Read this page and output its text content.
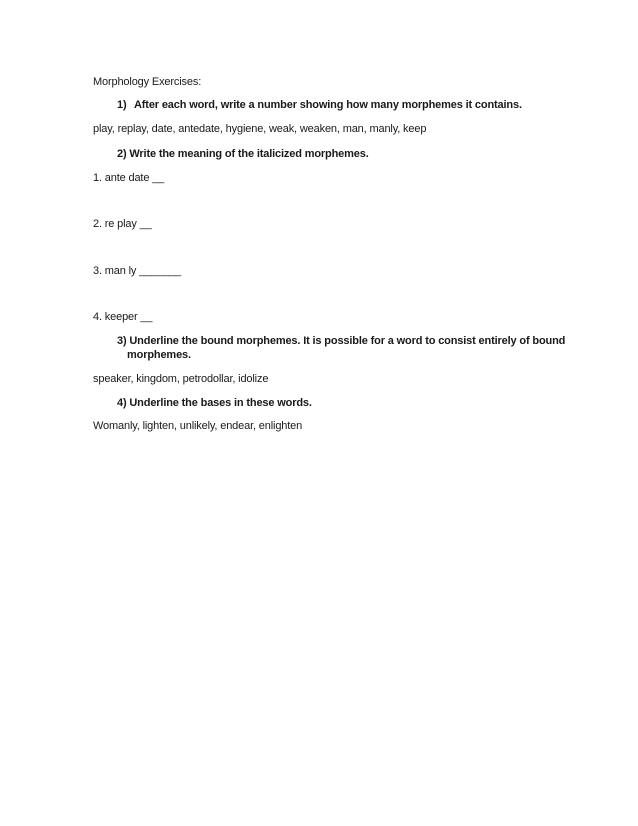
Morphology Exercises:
1) After each word, write a number showing how many morphemes it contains.
play, replay, date, antedate, hygiene, weak, weaken, man, manly, keep
2) Write the meaning of the italicized morphemes.
1. ante date __
2. re play __
3. man ly _______
4. keeper __
3) Underline the bound morphemes. It is possible for a word to consist entirely of bound morphemes.
speaker, kingdom, petrodollar, idolize
4) Underline the bases in these words.
Womanly, lighten, unlikely, endear, enlighten
